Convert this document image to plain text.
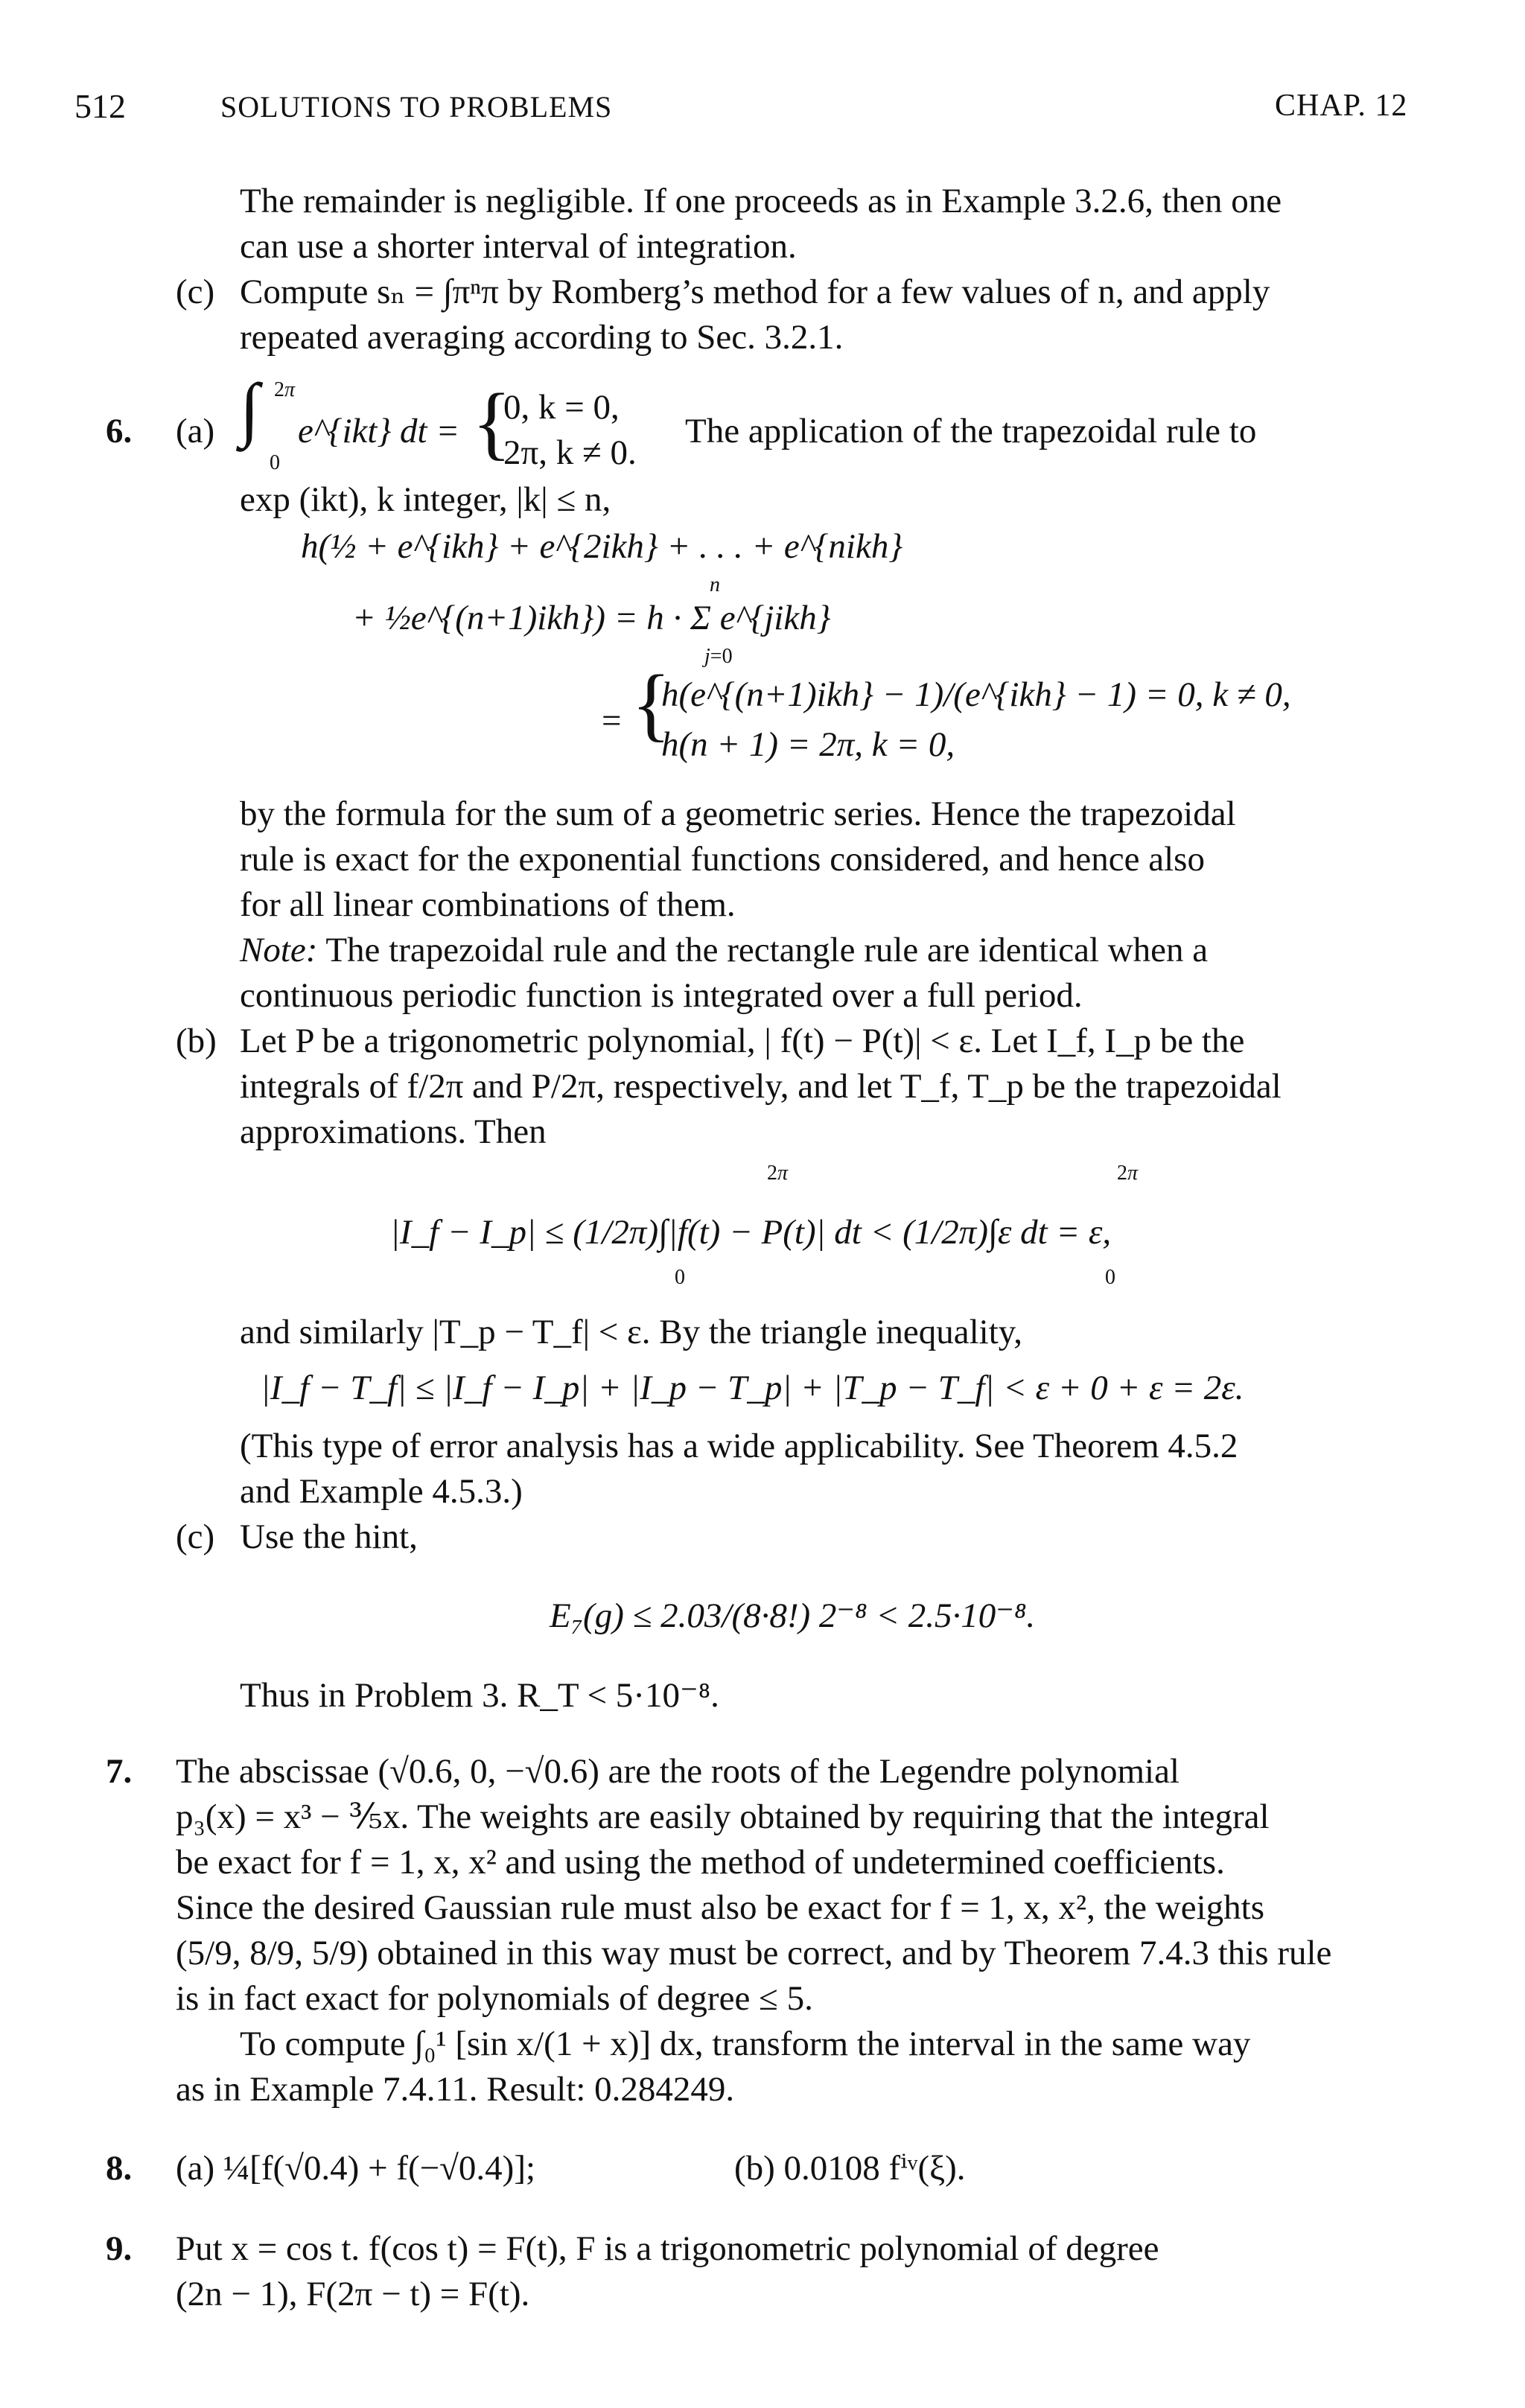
512	SOLUTIONS TO PROBLEMS	CHAP. 12
The remainder is negligible. If one proceeds as in Example 3.2.6, then one
can use a shorter interval of integration.
(c) Compute sₙ = ∫πⁿπ by Romberg’s method for a few values of n, and apply
repeated averaging according to Sec. 3.2.1.
6. (a) ∫ 2π
0
e^{ikt} dt = {
0, k = 0,
2π, k ≠ 0.
The application of the trapezoidal rule to
exp (ikt), k integer, |k| ≤ n,
h(½ + e^{ikh} + e^{2ikh} + . . . + e^{nikh}
n
+ ½e^{(n+1)ikh}) = h · Σ e^{jikh}
j=0
= {
h(e^{(n+1)ikh} − 1)/(e^{ikh} − 1) = 0, k ≠ 0,
h(n + 1) = 2π, k = 0,
by the formula for the sum of a geometric series. Hence the trapezoidal
rule is exact for the exponential functions considered, and hence also
for all linear combinations of them.
Note: The trapezoidal rule and the rectangle rule are identical when a
continuous periodic function is integrated over a full period.
(b) Let P be a trigonometric polynomial, | f(t) − P(t)| < ε. Let I_f, I_p be the
integrals of f/2π and P/2π, respectively, and let T_f, T_p be the trapezoidal
approximations. Then
2π
0
2π
0
|I_f − I_p| ≤ (1/2π)∫|f(t) − P(t)| dt < (1/2π)∫ε dt = ε,
and similarly |T_p − T_f| < ε. By the triangle inequality,
|I_f − T_f| ≤ |I_f − I_p| + |I_p − T_p| + |T_p − T_f| < ε + 0 + ε = 2ε.
(This type of error analysis has a wide applicability. See Theorem 4.5.2
and Example 4.5.3.)
(c) Use the hint,
E₇(g) ≤ 2.03/(8·8!) 2⁻⁸ < 2.5·10⁻⁸.
Thus in Problem 3. R_T < 5·10⁻⁸.
7. The abscissae (√0.6, 0, −√0.6) are the roots of the Legendre polynomial
p₃(x) = x³ − ⅗x. The weights are easily obtained by requiring that the integral
be exact for f = 1, x, x² and using the method of undetermined coefficients.
Since the desired Gaussian rule must also be exact for f = 1, x, x², the weights
(5/9, 8/9, 5/9) obtained in this way must be correct, and by Theorem 7.4.3 this rule
is in fact exact for polynomials of degree ≤ 5.
To compute ∫₀¹ [sin x/(1 + x)] dx, transform the interval in the same way
as in Example 7.4.11. Result: 0.284249.
8. (a) ¼[f(√0.4) + f(−√0.4)];	(b) 0.0108 fⁱᵛ(ξ).
9. Put x = cos t. f(cos t) = F(t), F is a trigonometric polynomial of degree
(2n − 1), F(2π − t) = F(t).
